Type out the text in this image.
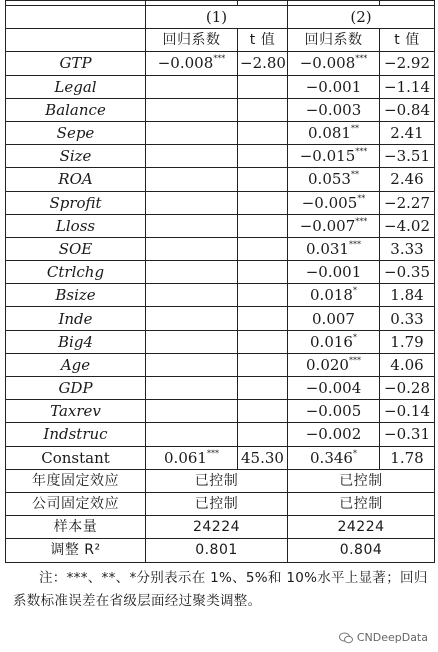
	(1)		(2)	
	回归系数	t 值	回归系数	t 值
GTP	−0.008***	−2.80	−0.008***	−2.92
Legal			−0.001	−1.14
Balance			−0.003	−0.84
Sepe			0.081**	2.41
Size			−0.015***	−3.51
ROA			0.053**	2.46
Sprofit			−0.005**	−2.27
Lloss			−0.007***	−4.02
SOE			0.031***	3.33
Ctrlchg			−0.001	−0.35
Bsize			0.018*	1.84
Inde			0.007	0.33
Big4			0.016*	1.79
Age			0.020***	4.06
GDP			−0.004	−0.28
Taxrev			−0.005	−0.14
Indstruc			−0.002	−0.31
Constant	0.061***	45.30	0.346*	1.78
年度固定效应	已控制		已控制	
公司固定效应	已控制		已控制	
样本量	24224		24224	
调整 R²	0.801		0.804	
注：***、**、*分别表示在 1%、5%和 10%水平上显著；回归系数标准误差在省级层面经过聚类调整。
CNDeepData
